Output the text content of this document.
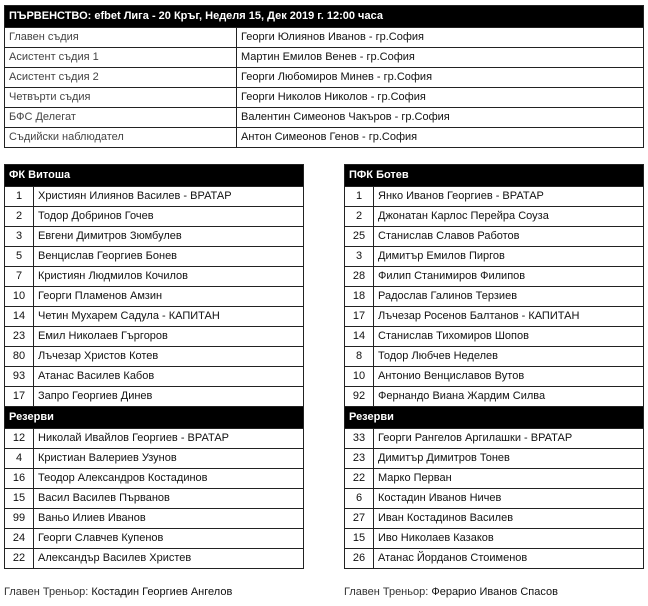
ПЪРВЕНСТВО: efbet Лига - 20 Кръг, Неделя 15, Дек 2019 г. 12:00 часа	
Главен съдия	Георги Юлиянов Иванов - гр.София
Асистент съдия 1	Мартин Емилов Венев - гр.София
Асистент съдия 2	Георги Любомиров Минев - гр.София
Четвърти съдия	Георги Николов Николов - гр.София
БФС Делегат	Валентин Симеонов Чакъров - гр.София
Съдийски наблюдател	Антон Симеонов Генов - гр.София
ФК Витоша	
1	Християн Илиянов Василев - ВРАТАР
2	Тодор Добринов Гочев
3	Евгени Димитров Зюмбулев
5	Венцислав Георгиев Бонев
7	Кристиян Людмилов Кочилов
10	Георги Пламенов Амзин
14	Четин Мухарем Садула - КАПИТАН
23	Емил Николаев Гъргоров
80	Лъчезар Христов Котев
93	Атанас Василев Кабов
17	Запро Георгиев Динев
Резерви	
12	Николай Ивайлов Георгиев - ВРАТАР
4	Кристиан Валериев Узунов
16	Теодор Александров Костадинов
15	Васил Василев Първанов
99	Ваньо Илиев Иванов
24	Георги Славчев Купенов
22	Александър Василев Христев
ПФК Ботев	
1	Янко Иванов Георгиев - ВРАТАР
2	Джонатан Карлос Перейра Соуза
25	Станислав Славов Работов
3	Димитър Емилов Пиргов
28	Филип Станимиров Филипов
18	Радослав Галинов Терзиев
17	Лъчезар Росенов Балтанов - КАПИТАН
14	Станислав Тихомиров Шопов
8	Тодор Любчев Неделев
10	Антонио Венциславов Вутов
92	Фернандо Виана Жардим Силва
Резерви	
33	Георги Рангелов Аргилашки - ВРАТАР
23	Димитър Димитров Тонев
22	Марко Перван
6	Костадин Иванов Ничев
27	Иван Костадинов Василев
15	Иво Николаев Казаков
26	Атанас Йорданов Стоименов
Главен Треньор: Костадин Георгиев Ангелов	Главен Треньор: Ферарио Иванов Спасов
